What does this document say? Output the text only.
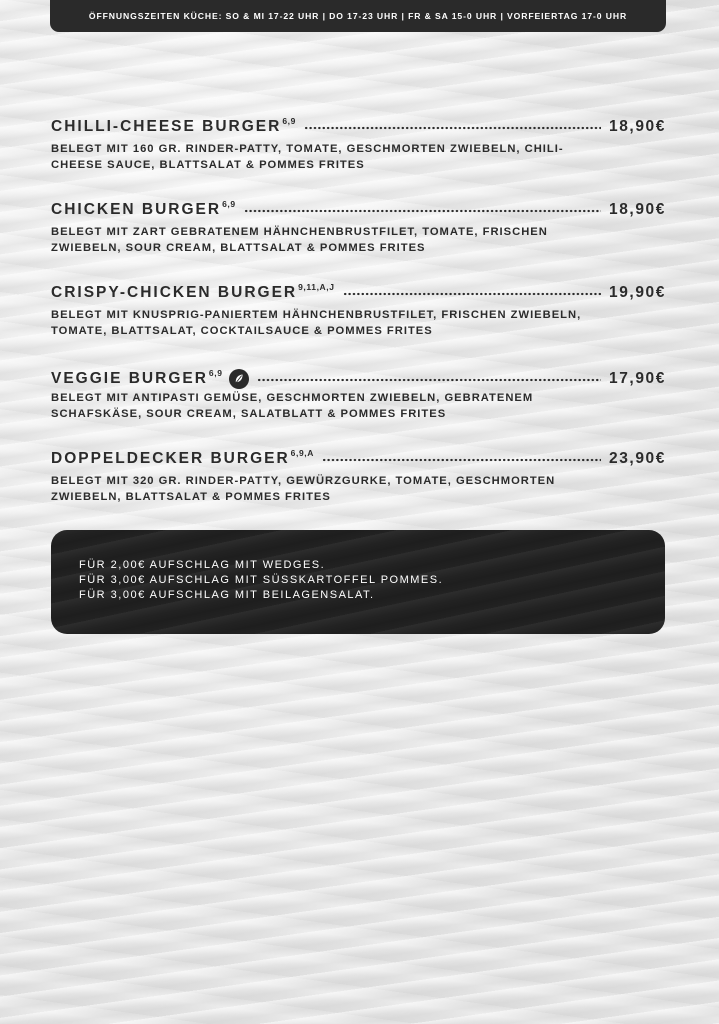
ÖFFNUNGSZEITEN KÜCHE: SO & MI 17-22 UHR | DO 17-23 UHR | FR & SA 15-0 UHR | VORFEIERTAG 17-0 UHR
CHILLI-CHEESE BURGER 6,9	18,90€
BELEGT MIT 160 GR. RINDER-PATTY, TOMATE, GESCHMORTEN ZWIEBELN, CHILI-
CHEESE SAUCE, BLATTSALAT & POMMES FRITES
CHICKEN BURGER 6,9	18,90€
BELEGT MIT ZART GEBRATENEM HÄHNCHENBRUSTFILET, TOMATE, FRISCHEN
ZWIEBELN, SOUR CREAM, BLATTSALAT & POMMES FRITES
CRISPY-CHICKEN BURGER 9,11,A,J	19,90€
BELEGT MIT KNUSPRIG-PANIERTEM HÄHNCHENBRUSTFILET, FRISCHEN ZWIEBELN,
TOMATE, BLATTSALAT, COCKTAILSAUCE & POMMES FRITES
VEGGIE BURGER 6,9	17,90€
BELEGT MIT ANTIPASTI GEMÜSE, GESCHMORTEN ZWIEBELN, GEBRATENEM
SCHAFSKÄSE, SOUR CREAM, SALATBLATT & POMMES FRITES
DOPPELDECKER BURGER 6,9,A	23,90€
BELEGT MIT 320 GR. RINDER-PATTY, GEWÜRZGURKE, TOMATE, GESCHMORTEN
ZWIEBELN, BLATTSALAT & POMMES FRITES
FÜR 2,00€ AUFSCHLAG MIT WEDGES.
FÜR 3,00€ AUFSCHLAG MIT SÜSSKARTOFFEL POMMES.
FÜR 3,00€ AUFSCHLAG MIT BEILAGENSALAT.
